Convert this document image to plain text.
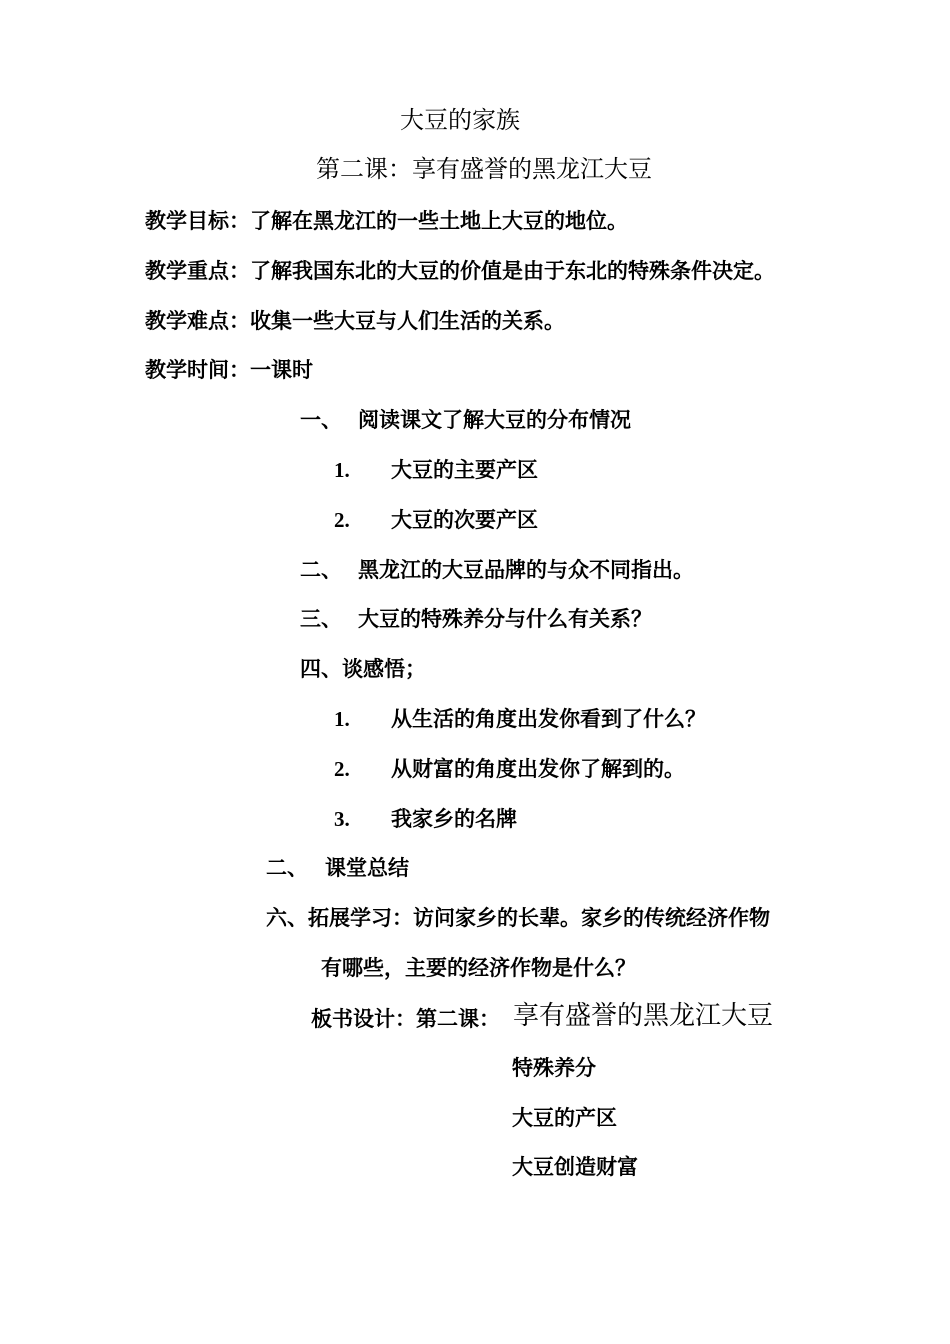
大豆的家族
第二课：享有盛誉的黑龙江大豆
教学目标：了解在黑龙江的一些土地上大豆的地位。
教学重点：了解我国东北的大豆的价值是由于东北的特殊条件决定。
教学难点：收集一些大豆与人们生活的关系。
教学时间：一课时
一、 阅读课文了解大豆的分布情况
1. 大豆的主要产区
2. 大豆的次要产区
二、 黑龙江的大豆品牌的与众不同指出。
三、 大豆的特殊养分与什么有关系？
四、谈感悟；
1. 从生活的角度出发你看到了什么？
2. 从财富的角度出发你了解到的。
3. 我家乡的名牌
二、 课堂总结
六、拓展学习：访问家乡的长辈。家乡的传统经济作物
有哪些，主要的经济作物是什么？
板书设计：第二课： 享有盛誉的黑龙江大豆
特殊养分
大豆的产区
大豆创造财富
